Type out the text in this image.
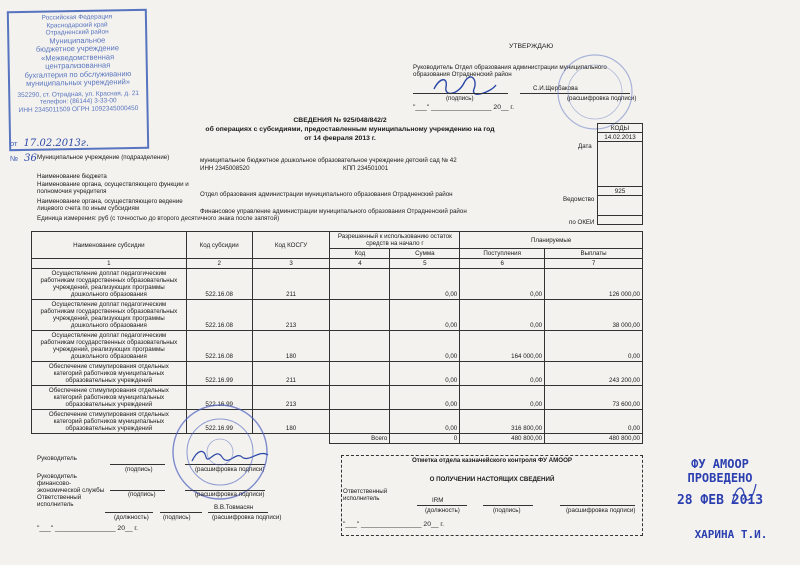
Российская Федерация
Краснодарский край
Отрадненский район
Муниципальное
бюджетное учреждение
«Межведомственная
централизованная
бухгалтерия по обслуживанию
муниципальных учреждений»
352290, ст. Отрадная, ул. Красная, д. 21
телефон: (86144) 3-33-00
ИНН 2345011509 ОГРН 1092345000450
от 17.02.2013г.
№ 36
УТВЕРЖДАЮ
Руководитель Отдел образования администрации муниципального образования Отрадненский район
С.И.Щербакова
(подпись)	(расшифровка подписи)
"___" ________________ 20__ г.
СВЕДЕНИЯ № 925/048/842/2
об операциях с субсидиями, предоставленным муниципальному учреждению на год
от 14 февраля 2013 г.
КОДЫ
14.02.2013

925

Дата
Ведомство
по ОКЕИ
Муниципальное учреждение (подразделение)	муниципальное бюджетное дошкольное образовательное учреждение детский сад № 42
ИНН 2345008520	КПП 234501001
Наименование бюджета
Наименование органа, осуществляющего функции и полномочия учредителя	Отдел образования администрации муниципального образования Отрадненский район
Наименование органа, осуществляющего ведение лицевого счета по иным субсидиям	Финансовое управление администрации муниципального образования Отрадненский район
Единица измерения: руб (с точностью до второго десятичного знака после запятой)
Наименование субсидии	Код субсидии	Код КОСГУ	Разрешенный к использованию остаток средств на начало г		Планируемые	
			Код	Сумма	Поступления	Выплаты
1	2	3	4	5	6	7
Осуществление доплат педагогическим работникам государственных образовательных учреждений, реализующих программы дошкольного образования	522.16.08	211		0,00	0,00	126 000,00
Осуществление доплат педагогическим работникам государственных образовательных учреждений, реализующих программы дошкольного образования	522.16.08	213		0,00	0,00	38 000,00
Осуществление доплат педагогическим работникам государственных образовательных учреждений, реализующих программы дошкольного образования	522.16.08	180		0,00	164 000,00	0,00
Обеспечение стимулирования отдельных категорий работников муниципальных образовательных учреждений	522.16.99	211		0,00	0,00	243 200,00
Обеспечение стимулирования отдельных категорий работников муниципальных образовательных учреждений	522.16.99	213		0,00	0,00	73 600,00
Обеспечение стимулирования отдельных категорий работников муниципальных образовательных учреждений	522.16.99	180		0,00	316 800,00	0,00
			Всего	0	480 800,00	480 800,00
Руководитель
(подпись)	(расшифровка подписи)
Руководитель финансово-экономической службы
(подпись)	(расшифровка подписи)
Ответственный исполнитель	В.В.Товмасян
(должность) (подпись)	(расшифровка подписи)
"___" ________________ 20__ г.
Отметка отдела казначейского контроля ФУ АМООР
О ПОЛУЧЕНИИ НАСТОЯЩИХ СВЕДЕНИЙ
Ответственный исполнитель	IRM
(должность)	(подпись)	(расшифровка подписи)
"___" ________________ 20__ г.
ФУ АМООР
ПРОВЕДЕНО
28 ФЕВ 2013
ХАРИНА Т.И.
